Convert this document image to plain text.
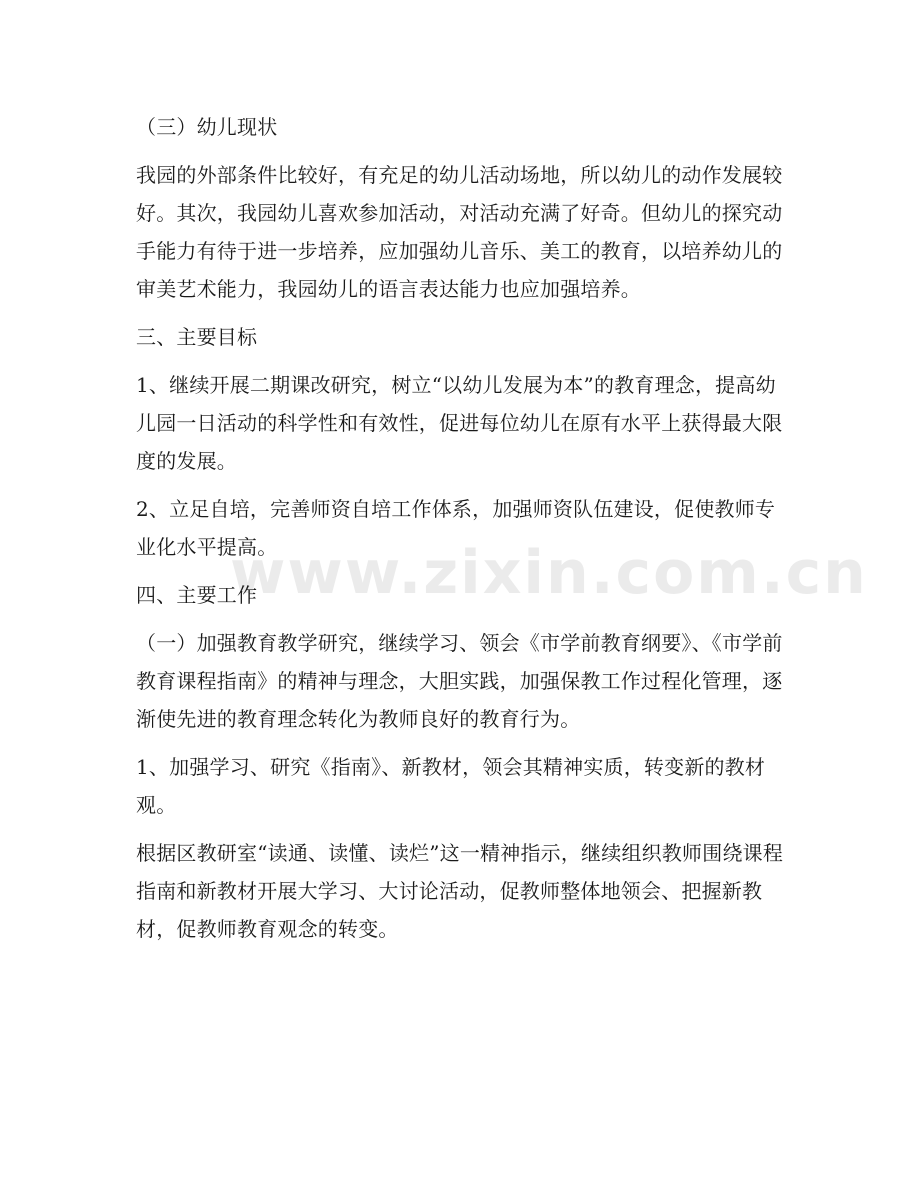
www.zixin.com.cn

（三）幼儿现状

我园的外部条件比较好，有充足的幼儿活动场地，所以幼儿的动作发展较好。其次，我园幼儿喜欢参加活动，对活动充满了好奇。但幼儿的探究动手能力有待于进一步培养，应加强幼儿音乐、美工的教育，以培养幼儿的审美艺术能力，我园幼儿的语言表达能力也应加强培养。

三、主要目标

1、继续开展二期课改研究，树立“以幼儿发展为本”的教育理念，提高幼儿园一日活动的科学性和有效性，促进每位幼儿在原有水平上获得最大限度的发展。

2、立足自培，完善师资自培工作体系，加强师资队伍建设，促使教师专业化水平提高。

四、主要工作

（一）加强教育教学研究，继续学习、领会《市学前教育纲要》、《市学前教育课程指南》的精神与理念，大胆实践，加强保教工作过程化管理，逐渐使先进的教育理念转化为教师良好的教育行为。

1、加强学习、研究《指南》、新教材，领会其精神实质，转变新的教材观。

根据区教研室“读通、读懂、读烂”这一精神指示，继续组织教师围绕课程指南和新教材开展大学习、大讨论活动，促教师整体地领会、把握新教材，促教师教育观念的转变。
